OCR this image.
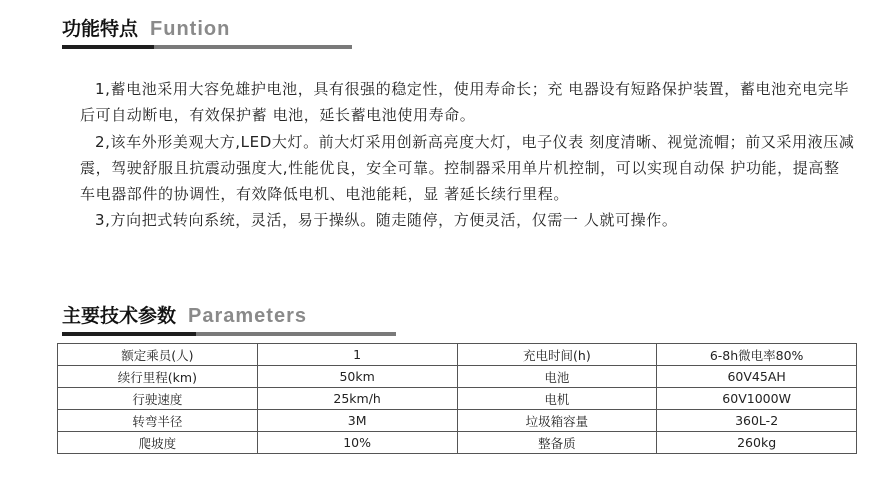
功能特点 Funtion

1,蓄电池采用大容免雄护电池，具有很强的稳定性，使用寿命长；充 电器设有短路保护装置，蓄电池充电完毕后可自动断电，有效保护蓄 电池，延长蓄电池使用寿命。

2,该车外形美观大方,LED大灯。前大灯采用创新高亮度大灯，电子仪表 刻度清晰、视觉流帽；前又采用液压减震，驾驶舒服且抗震动强度大,性能优良，安全可靠。控制器采用单片机控制，可以实现自动保 护功能，提高整车电器部件的协调性，有效降低电机、电池能耗，显 著延长续行里程。

3,方向把式转向系统，灵活，易于操纵。随走随停，方便灵活，仅需一 人就可操作。

主要技术参数 Parameters
额定乘员(人)	1	充电时间(h)	6-8h微电率80%
续行里程(km)	50km	电池	60V45AH
行驶速度	25km/h	电机	60V1000W
转弯半径	3M	垃圾箱容量	360L-2
爬坡度	10%	整备质	260kg
